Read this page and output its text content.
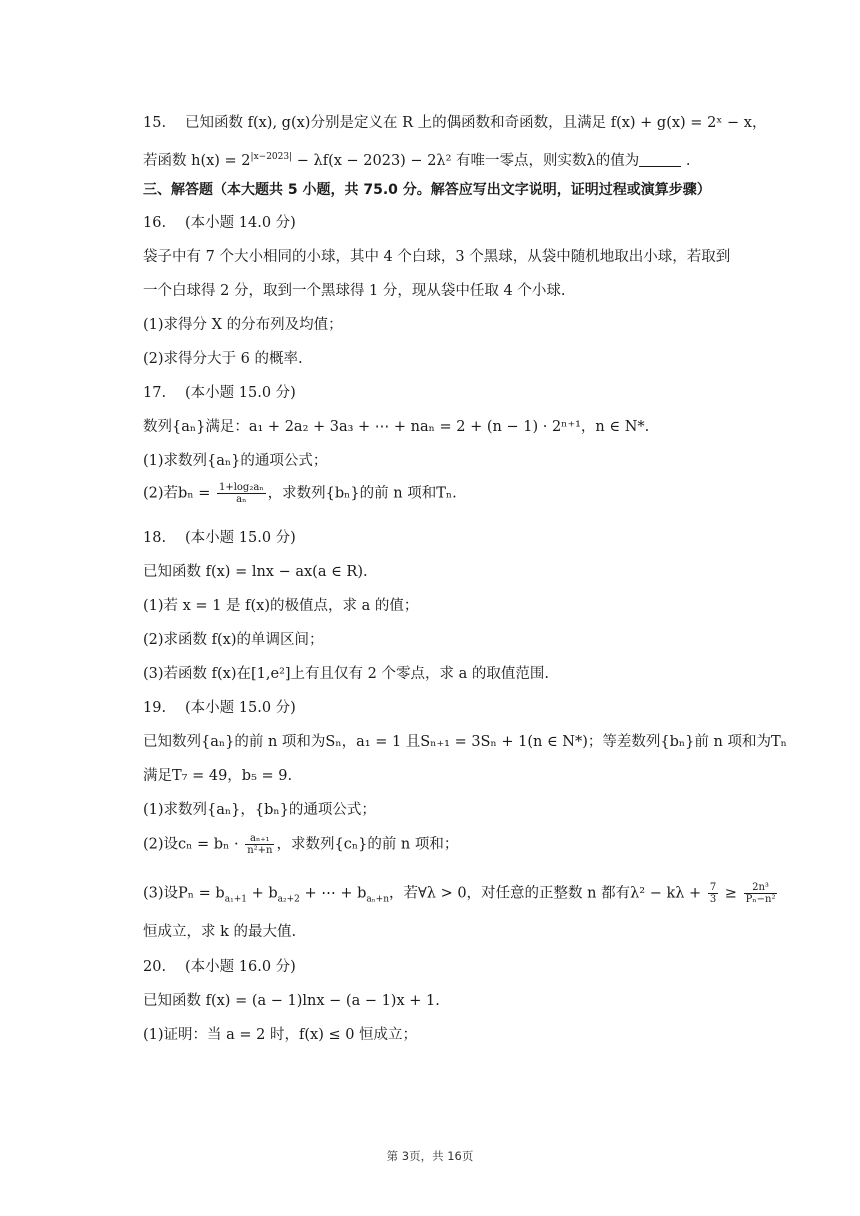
15. 已知函数 f(x), g(x)分别是定义在 R 上的偶函数和奇函数，且满足 f(x) + g(x) = 2ˣ − x，
若函数 $h(x) = 2^{|x-2023|} - \lambda f(x - 2023) - 2\lambda^2$ 有唯一零点，则实数λ的值为	.
三、解答题（本大题共 5 小题，共 75.0 分。解答应写出文字说明，证明过程或演算步骤）
16. (本小题 14.0 分)
袋子中有 7 个大小相同的小球，其中 4 个白球，3 个黑球，从袋中随机地取出小球，若取到
一个白球得 2 分，取到一个黑球得 1 分，现从袋中任取 4 个小球.
(1)求得分 X 的分布列及均值；
(2)求得分大于 6 的概率.
17. (本小题 15.0 分)
数列{aₙ}满足：a₁ + 2a₂ + 3a₃ + ⋯ + naₙ = 2 + (n − 1) · 2ⁿ⁺¹，n ∈ N*.
(1)求数列{aₙ}的通项公式；
(2)若$b_n = \frac{\text{1+log₂aₙ}}{\text{aₙ}}$ ，求数列{bₙ}的前 n 项和Tₙ.
18. (本小题 15.0 分)
已知函数 f(x) = lnx − ax(a ∈ R).
(1)若 x = 1 是 f(x)的极值点，求 a 的值；
(2)求函数 f(x)的单调区间；
(3)若函数 f(x)在[1,e²]上有且仅有 2 个零点，求 a 的取值范围.
19. (本小题 15.0 分)
已知数列{aₙ}的前 n 项和为Sₙ，a₁ = 1 且Sₙ₊₁ = 3Sₙ + 1(n ∈ N*)；等差数列{bₙ}前 n 项和为Tₙ
满足T₇ = 49，b₅ = 9.
(1)求数列{aₙ}，{bₙ}的通项公式；
(2)设$c_n = b_n \cdot \frac{\text{aₙ₊₁}}{\text{n²+n}}$ ，求数列{cₙ}的前 n 项和；
(3)设$P_n = b_{a_1+1} + b_{a_2+2}$ + ⋯ + $b_{a_n+n}$，若∀λ > 0，对任意的正整数 n 都有$\lambda^2 - k\lambda + \frac{7}{3} \ge \frac{\text{2n³}}{\text{Pₙ−n²}}$
恒成立，求 k 的最大值.
20. (本小题 16.0 分)
已知函数 f(x) = (a − 1)lnx − (a − 1)x + 1.
(1)证明：当 a = 2 时，f(x) ≤ 0 恒成立；
第 3页，共 16页
